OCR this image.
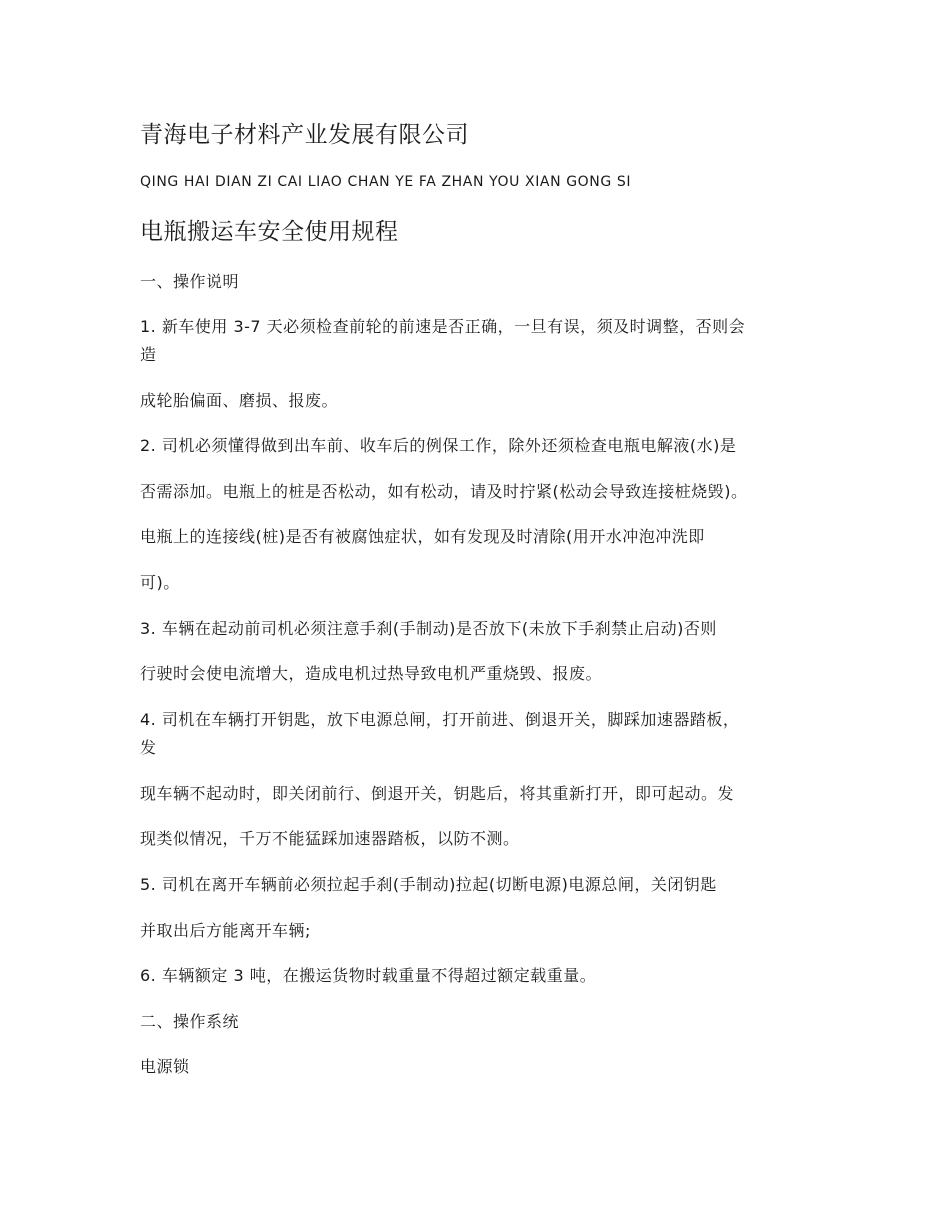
青海电子材料产业发展有限公司
QING HAI DIAN ZI CAI LIAO CHAN YE FA ZHAN YOU XIAN GONG SI
电瓶搬运车安全使用规程
一、操作说明
1. 新车使用 3-7 天必须检查前轮的前速是否正确，一旦有误，须及时调整，否则会
造
成轮胎偏面、磨损、报废。
2. 司机必须懂得做到出车前、收车后的例保工作，除外还须检查电瓶电解液(水)是
否需添加。电瓶上的桩是否松动，如有松动，请及时拧紧(松动会导致连接桩烧毁)。
电瓶上的连接线(桩)是否有被腐蚀症状，如有发现及时清除(用开水冲泡冲洗即
可)。
3. 车辆在起动前司机必须注意手刹(手制动)是否放下(未放下手刹禁止启动)否则
行驶时会使电流增大，造成电机过热导致电机严重烧毁、报废。
4. 司机在车辆打开钥匙，放下电源总闸，打开前进、倒退开关，脚踩加速器踏板，
发
现车辆不起动时，即关闭前行、倒退开关，钥匙后，将其重新打开，即可起动。发
现类似情况，千万不能猛踩加速器踏板，以防不测。
5. 司机在离开车辆前必须拉起手刹(手制动)拉起(切断电源)电源总闸，关闭钥匙
并取出后方能离开车辆;
6. 车辆额定 3 吨，在搬运货物时载重量不得超过额定载重量。
二、操作系统
电源锁
